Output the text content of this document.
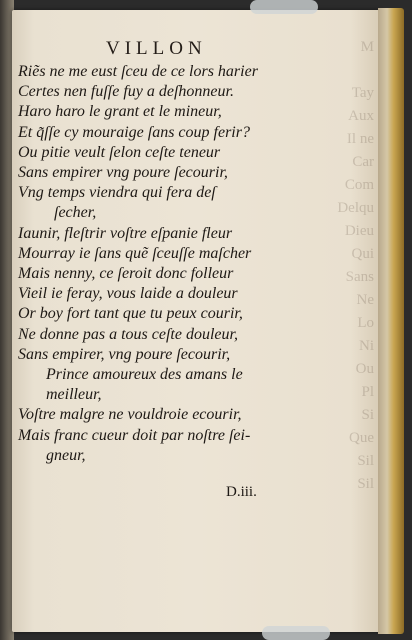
M

Tay
Aux
Il ne
Car
Com
Delqu
Dieu
Qui
Sans
Ne
Lo
Ni
Ou
Pl
Si
Que
Sil
Sil
VILLON
Riẽs ne me eust ſceu de ce lors harier
Certes nen fuſſe fuy a deſhonneur.
Haro haro le grant et le mineur,
Et q̃ſſe cy mouraige ſans coup ferir?
Ou pitie veult ſelon ceſte teneur
Sans empirer vng poure ſecourir,
Vng temps viendra qui fera deſ
ſecher,
Iaunir, fleſtrir voſtre eſpanie fleur
Mourray ie ſans quẽ ſceuſſe maſcher
Mais nenny, ce ſeroit donc folleur
Vieil ie feray, vous laide a douleur
Or boy fort tant que tu peux courir,
Ne donne pas a tous ceſte douleur,
Sans empirer, vng poure ſecourir,
Prince amoureux des amans le
meilleur,
Voſtre malgre ne vouldroie ecourir,
Mais franc cueur doit par noſtre ſei-
gneur,
D.iii.
